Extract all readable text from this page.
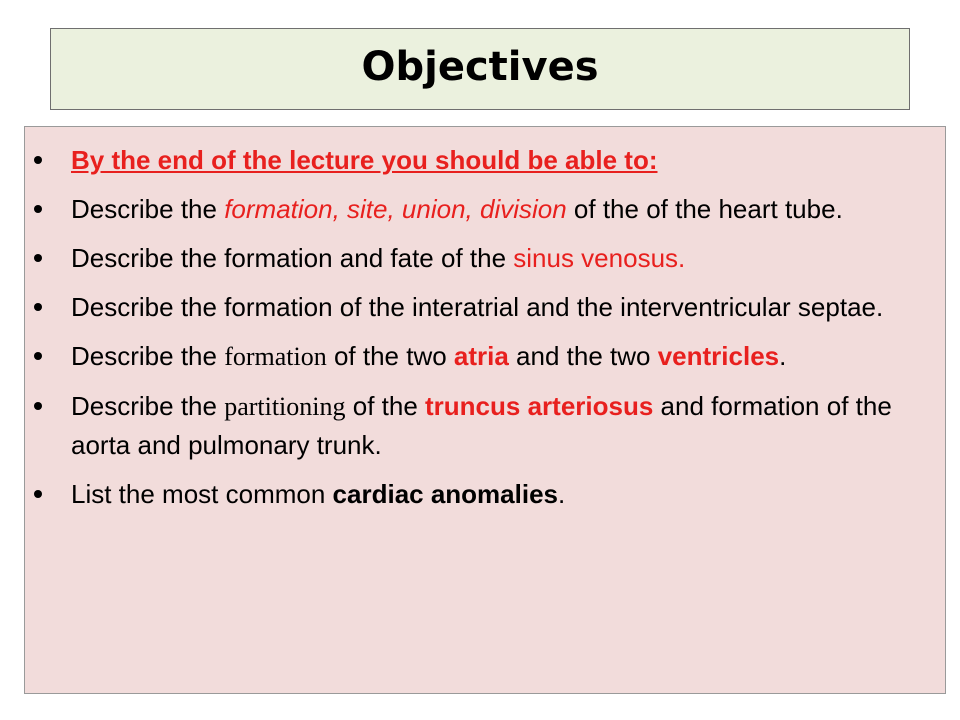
Objectives
By the end of the lecture you should be able to:
Describe the formation, site, union, division of the of the heart tube.
Describe the formation and fate of the sinus venosus.
Describe the formation of the interatrial and the interventricular septae.
Describe the formation of the two atria and the two ventricles.
Describe the partitioning of the truncus arteriosus and formation of the aorta and pulmonary trunk.
List the most common cardiac anomalies.
